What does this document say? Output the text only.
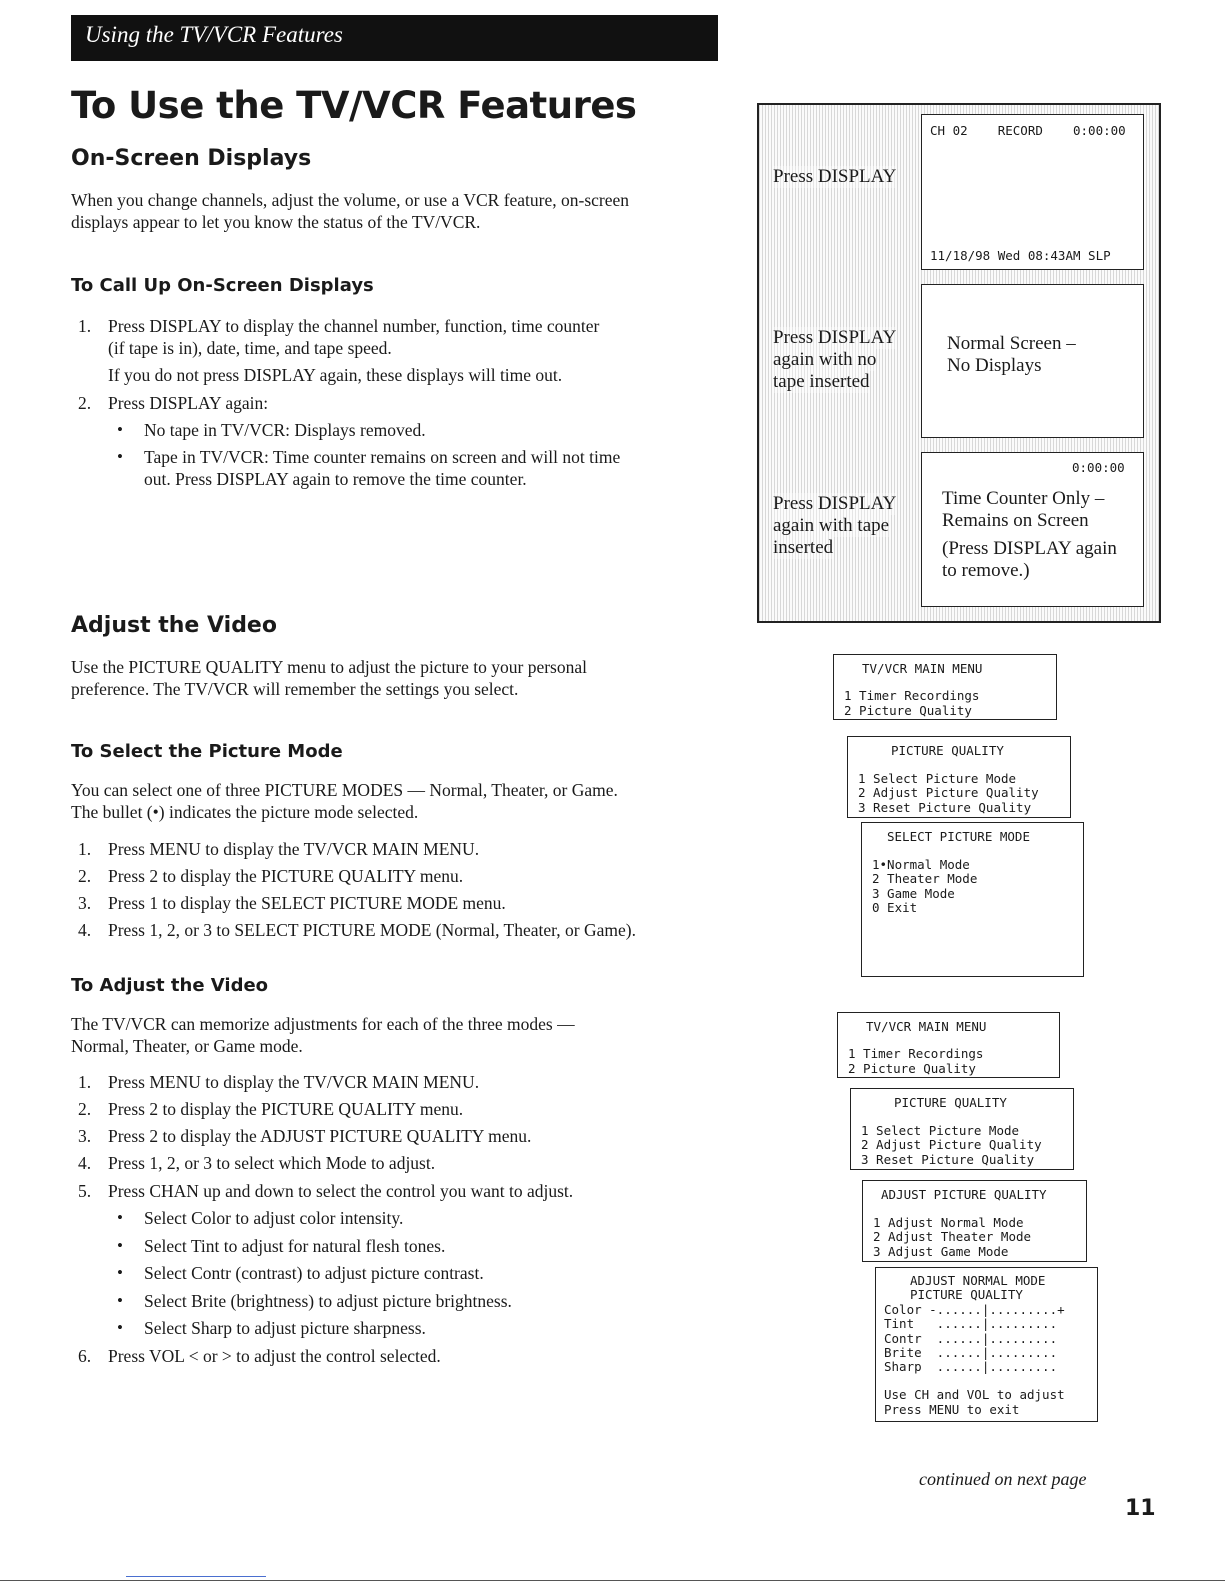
Using the TV/VCR Features
To Use the TV/VCR Features
On-Screen Displays
When you change channels, adjust the volume, or use a VCR feature, on-screen
displays appear to let you know the status of the TV/VCR.
To Call Up On-Screen Displays
1. Press DISPLAY to display the channel number, function, time counter
(if tape is in), date, time, and tape speed.
If you do not press DISPLAY again, these displays will time out.
2. Press DISPLAY again:
• No tape in TV/VCR: Displays removed.
• Tape in TV/VCR: Time counter remains on screen and will not time
out. Press DISPLAY again to remove the time counter.
Adjust the Video
Use the PICTURE QUALITY menu to adjust the picture to your personal
preference. The TV/VCR will remember the settings you select.
To Select the Picture Mode
You can select one of three PICTURE MODES — Normal, Theater, or Game.
The bullet (•) indicates the picture mode selected.
1. Press MENU to display the TV/VCR MAIN MENU.
2. Press 2 to display the PICTURE QUALITY menu.
3. Press 1 to display the SELECT PICTURE MODE menu.
4. Press 1, 2, or 3 to SELECT PICTURE MODE (Normal, Theater, or Game).
To Adjust the Video
The TV/VCR can memorize adjustments for each of the three modes —
Normal, Theater, or Game mode.
1. Press MENU to display the TV/VCR MAIN MENU.
2. Press 2 to display the PICTURE QUALITY menu.
3. Press 2 to display the ADJUST PICTURE QUALITY menu.
4. Press 1, 2, or 3 to select which Mode to adjust.
5. Press CHAN up and down to select the control you want to adjust.
• Select Color to adjust color intensity.
• Select Tint to adjust for natural flesh tones.
• Select Contr (contrast) to adjust picture contrast.
• Select Brite (brightness) to adjust picture brightness.
• Select Sharp to adjust picture sharpness.
6. Press VOL < or > to adjust the control selected.
CH 02    RECORD    0:00:00
11/18/98 Wed 08:43AM SLP
Press DISPLAY
Normal Screen –
No Displays
Press DISPLAY
again with no
tape inserted
0:00:00
Time Counter Only –
Remains on Screen
(Press DISPLAY again
to remove.)
Press DISPLAY
again with tape
inserted
TV/VCR MAIN MENU
1 Timer Recordings
2 Picture Quality
PICTURE QUALITY
1 Select Picture Mode
2 Adjust Picture Quality
3 Reset Picture Quality
SELECT PICTURE MODE
1•Normal Mode
2 Theater Mode
3 Game Mode
0 Exit
TV/VCR MAIN MENU
1 Timer Recordings
2 Picture Quality
PICTURE QUALITY
1 Select Picture Mode
2 Adjust Picture Quality
3 Reset Picture Quality
ADJUST PICTURE QUALITY
1 Adjust Normal Mode
2 Adjust Theater Mode
3 Adjust Game Mode
ADJUST NORMAL MODE
PICTURE QUALITY
Color -......|.........+
Tint   ......|.........
Contr  ......|.........
Brite  ......|.........
Sharp  ......|.........
Use CH and VOL to adjust
Press MENU to exit
continued on next page
11
